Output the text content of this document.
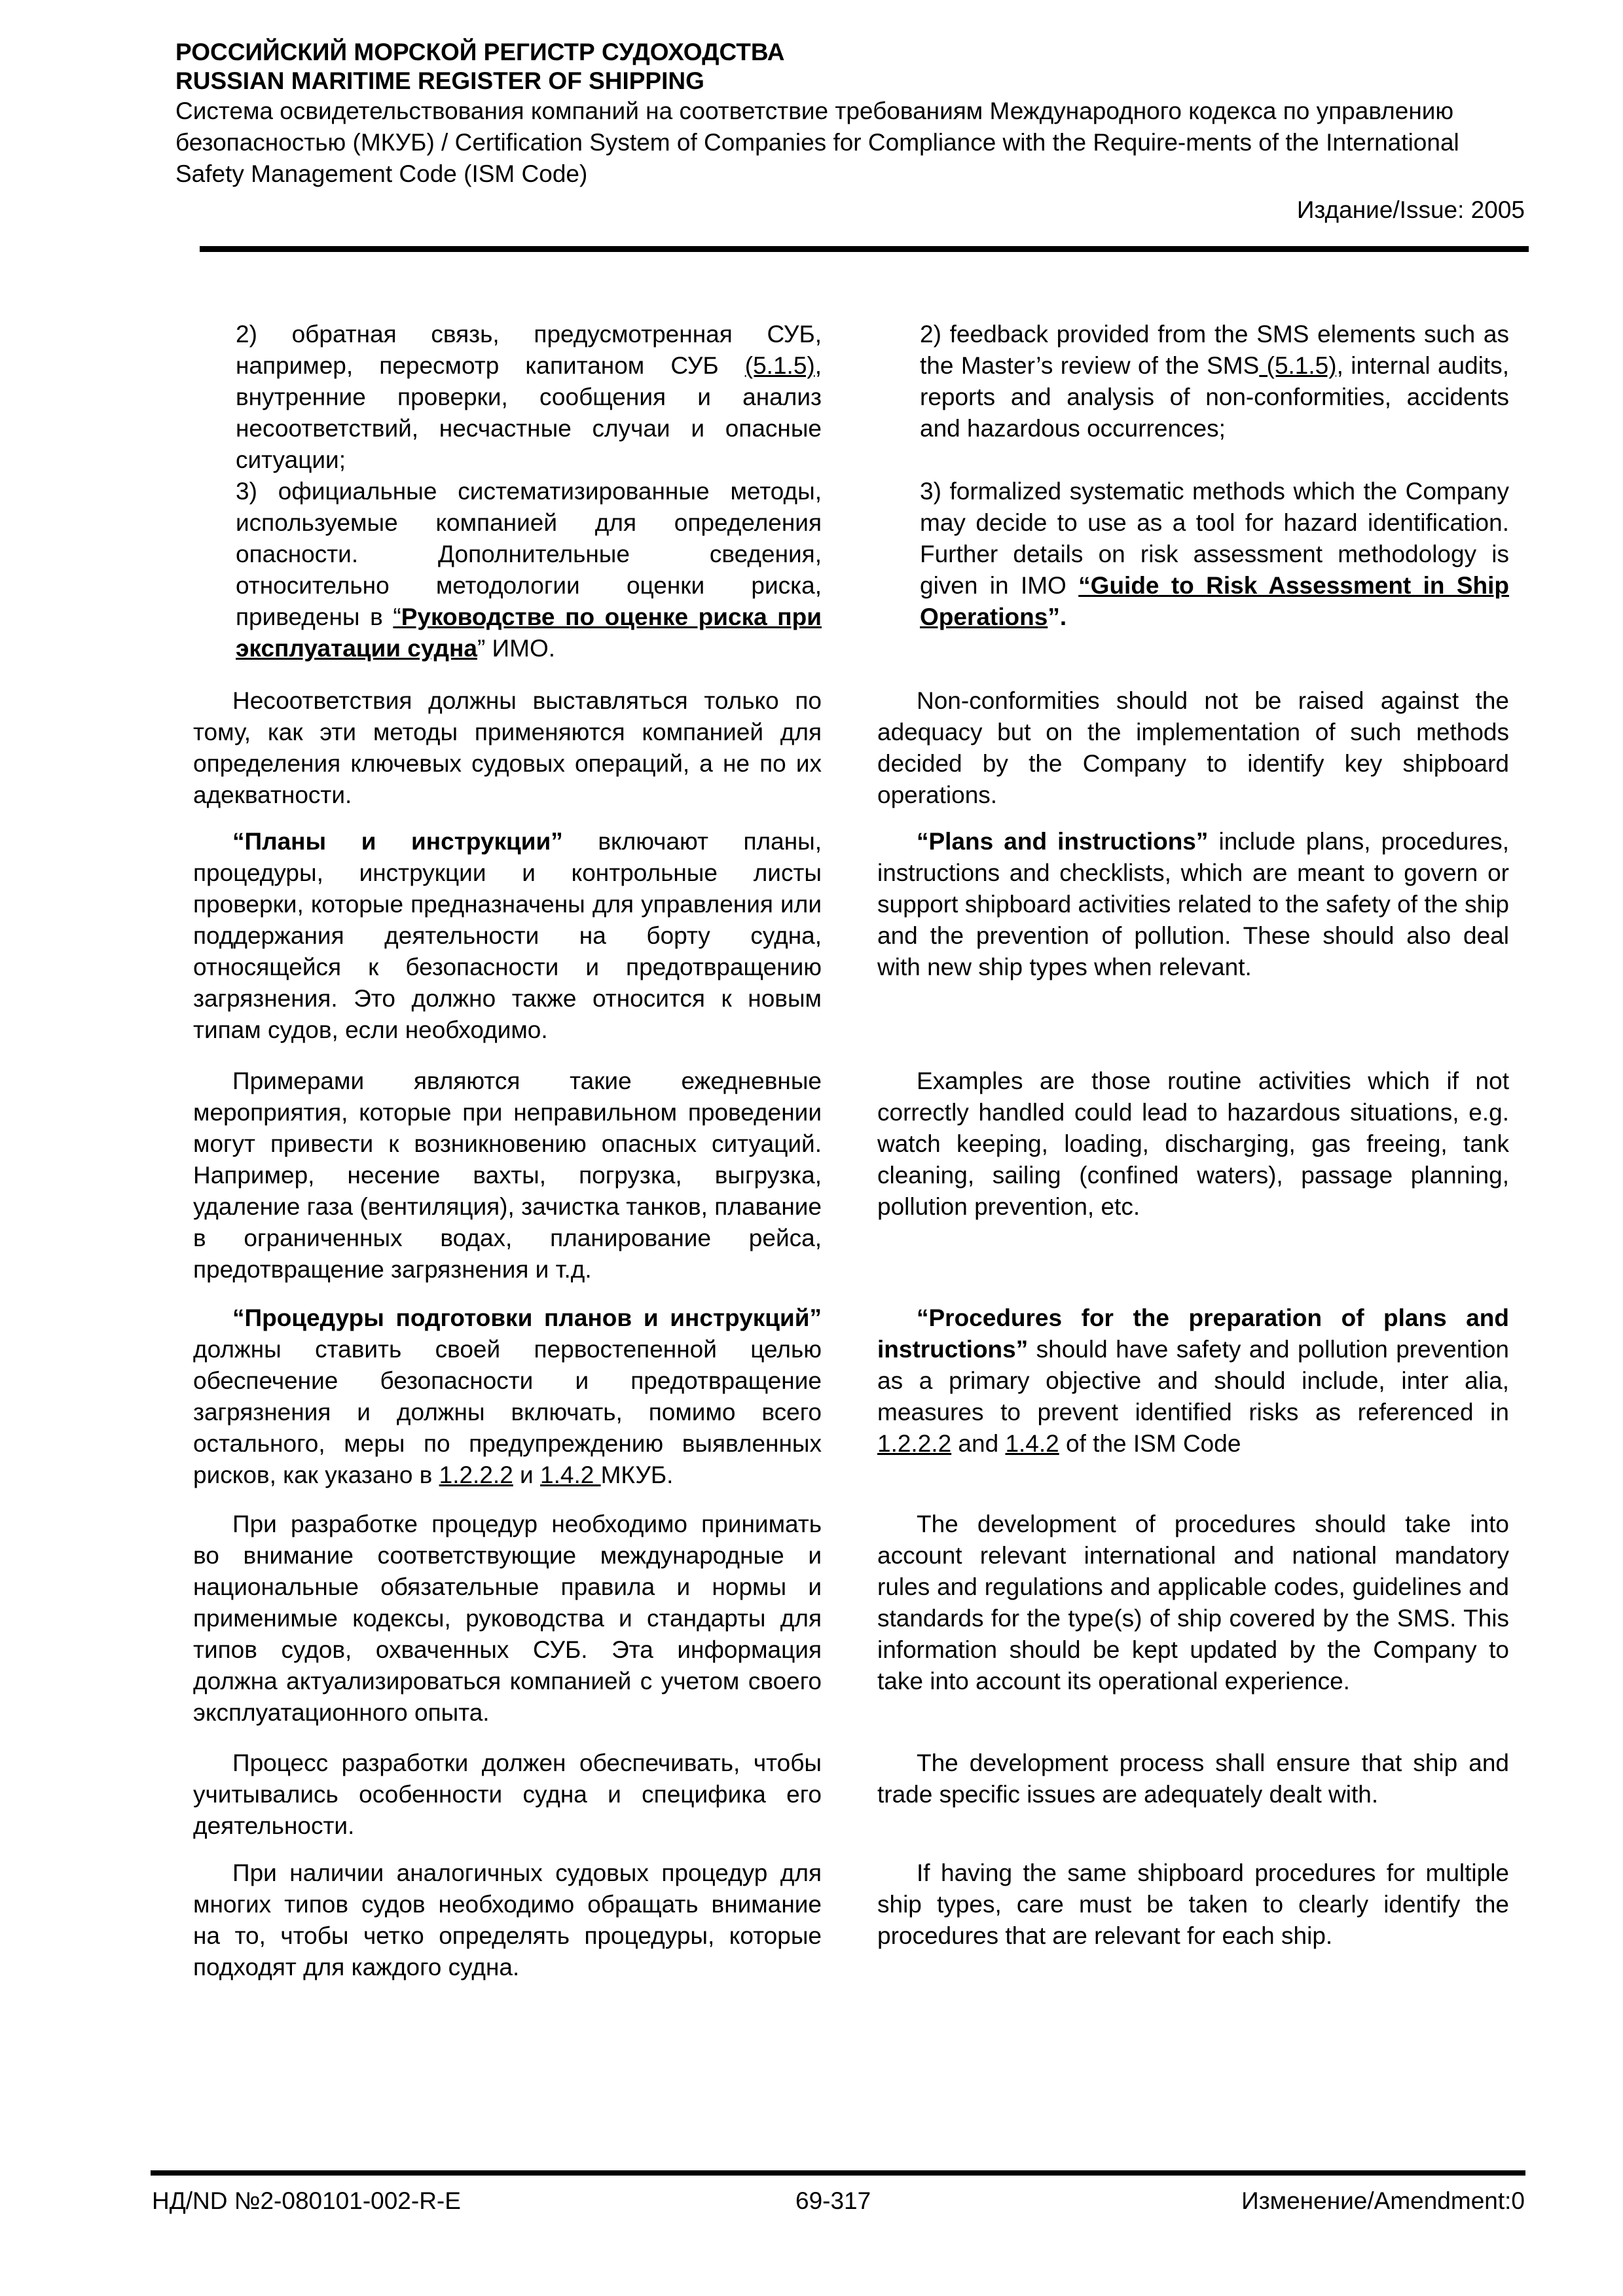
РОССИЙСКИЙ МОРСКОЙ РЕГИСТР СУДОХОДСТВА
RUSSIAN MARITIME REGISTER OF SHIPPING
Система освидетельствования компаний на соответствие требованиям Международного кодекса по управлению безопасностью (МКУБ) / Certification System of Companies for Compliance with the Require-ments of the International Safety Management Code (ISM Code)
Издание/Issue: 2005
2) обратная связь, предусмотренная СУБ, например, пересмотр капитаном СУБ (5.1.5), внутренние проверки, сообщения и анализ несоответствий, несчастные случаи и опасные ситуации;
3) официальные систематизированные методы, используемые компанией для определения опасности. Дополнительные сведения, относительно методологии оценки риска, приведены в “Руководстве по оценке риска при эксплуатации судна” ИМО.
Несоответствия должны выставляться только по тому, как эти методы применяются компанией для определения ключевых судовых операций, а не по их адекватности.
“Планы и инструкции” включают планы, процедуры, инструкции и контрольные листы проверки, которые предназначены для управления или поддержания деятельности на борту судна, относящейся к безопасности и предотвращению загрязнения. Это должно также относится к новым типам судов, если необходимо.
Примерами являются такие ежедневные мероприятия, которые при неправильном проведении могут привести к возникновению опасных ситуаций. Например, несение вахты, погрузка, выгрузка, удаление газа (вентиляция), зачистка танков, плавание в ограниченных водах, планирование рейса, предотвращение загрязнения и т.д.
“Процедуры подготовки планов и инструкций” должны ставить своей первостепенной целью обеспечение безопасности и предотвращение загрязнения и должны включать, помимо всего остального, меры по предупреждению выявленных рисков, как указано в 1.2.2.2 и 1.4.2 МКУБ.
При разработке процедур необходимо принимать во внимание соответствующие международные и национальные обязательные правила и нормы и применимые кодексы, руководства и стандарты для типов судов, охваченных СУБ. Эта информация должна актуализироваться компанией с учетом своего эксплуатационного опыта.
Процесс разработки должен обеспечивать, чтобы учитывались особенности судна и специфика его деятельности.
При наличии аналогичных судовых процедур для многих типов судов необходимо обращать внимание на то, чтобы четко определять процедуры, которые подходят для каждого судна.
2) feedback provided from the SMS elements such as the Master’s review of the SMS (5.1.5), internal audits, reports and analysis of non-conformities, accidents and hazardous occurrences;
3) formalized systematic methods which the Company may decide to use as a tool for hazard identification. Further details on risk assessment methodology is given in IMO “Guide to Risk Assessment in Ship Operations”.
Non-conformities should not be raised against the adequacy but on the implementation of such methods decided by the Company to identify key shipboard operations.
“Plans and instructions” include plans, procedures, instructions and checklists, which are meant to govern or support shipboard activities related to the safety of the ship and the prevention of pollution. These should also deal with new ship types when relevant.
Examples are those routine activities which if not correctly handled could lead to hazardous situations, e.g. watch keeping, loading, discharging, gas freeing, tank cleaning, sailing (confined waters), passage planning, pollution prevention, etc.
“Procedures for the preparation of plans and instructions” should have safety and pollution prevention as a primary objective and should include, inter alia, measures to prevent identified risks as referenced in 1.2.2.2 and 1.4.2 of the ISM Code
The development of procedures should take into account relevant international and national mandatory rules and regulations and applicable codes, guidelines and standards for the type(s) of ship covered by the SMS. This information should be kept updated by the Company to take into account its operational experience.
The development process shall ensure that ship and trade specific issues are adequately dealt with.
If having the same shipboard procedures for multiple ship types, care must be taken to clearly identify the procedures that are relevant for each ship.
НД/ND №2-080101-002-R-E	69-317	Изменение/Amendment:0
